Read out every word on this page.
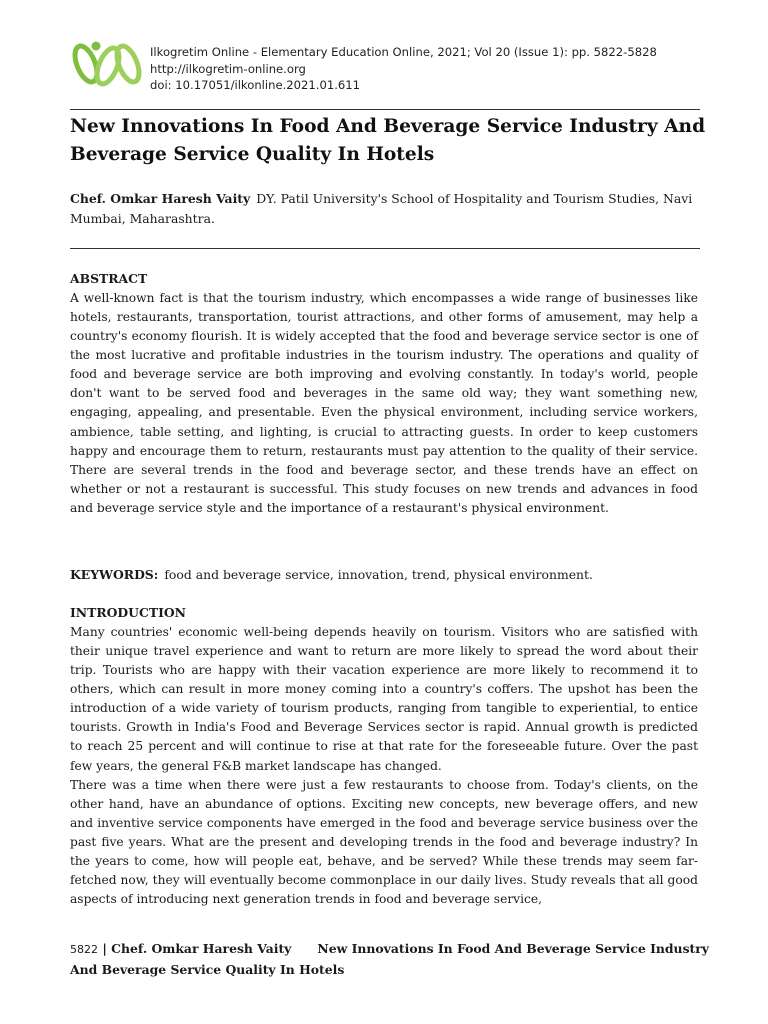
Ilkogretim Online - Elementary Education Online, 2021; Vol 20 (Issue 1): pp. 5822-5828
http://ilkogretim-online.org
doi: 10.17051/ilkonline.2021.01.611
New Innovations In Food And Beverage Service Industry And Beverage Service Quality In Hotels
Chef. Omkar Haresh Vaity DY. Patil University's School of Hospitality and Tourism Studies, Navi Mumbai, Maharashtra.
ABSTRACT
A well-known fact is that the tourism industry, which encompasses a wide range of businesses like hotels, restaurants, transportation, tourist attractions, and other forms of amusement, may help a country's economy flourish. It is widely accepted that the food and beverage service sector is one of the most lucrative and profitable industries in the tourism industry. The operations and quality of food and beverage service are both improving and evolving constantly. In today's world, people don't want to be served food and beverages in the same old way; they want something new, engaging, appealing, and presentable. Even the physical environment, including service workers, ambience, table setting, and lighting, is crucial to attracting guests. In order to keep customers happy and encourage them to return, restaurants must pay attention to the quality of their service. There are several trends in the food and beverage sector, and these trends have an effect on whether or not a restaurant is successful. This study focuses on new trends and advances in food and beverage service style and the importance of a restaurant's physical environment.
KEYWORDS: food and beverage service, innovation, trend, physical environment.
INTRODUCTION
Many countries' economic well-being depends heavily on tourism. Visitors who are satisfied with their unique travel experience and want to return are more likely to spread the word about their trip. Tourists who are happy with their vacation experience are more likely to recommend it to others, which can result in more money coming into a country's coffers. The upshot has been the introduction of a wide variety of tourism products, ranging from tangible to experiential, to entice tourists. Growth in India's Food and Beverage Services sector is rapid. Annual growth is predicted to reach 25 percent and will continue to rise at that rate for the foreseeable future. Over the past few years, the general F&B market landscape has changed.
There was a time when there were just a few restaurants to choose from. Today's clients, on the other hand, have an abundance of options. Exciting new concepts, new beverage offers, and new and inventive service components have emerged in the food and beverage service business over the past five years. What are the present and developing trends in the food and beverage industry? In the years to come, how will people eat, behave, and be served? While these trends may seem far-fetched now, they will eventually become commonplace in our daily lives. Study reveals that all good aspects of introducing next generation trends in food and beverage service,
5822 | Chef. Omkar Haresh Vaity New Innovations In Food And Beverage Service Industry And Beverage Service Quality In Hotels
